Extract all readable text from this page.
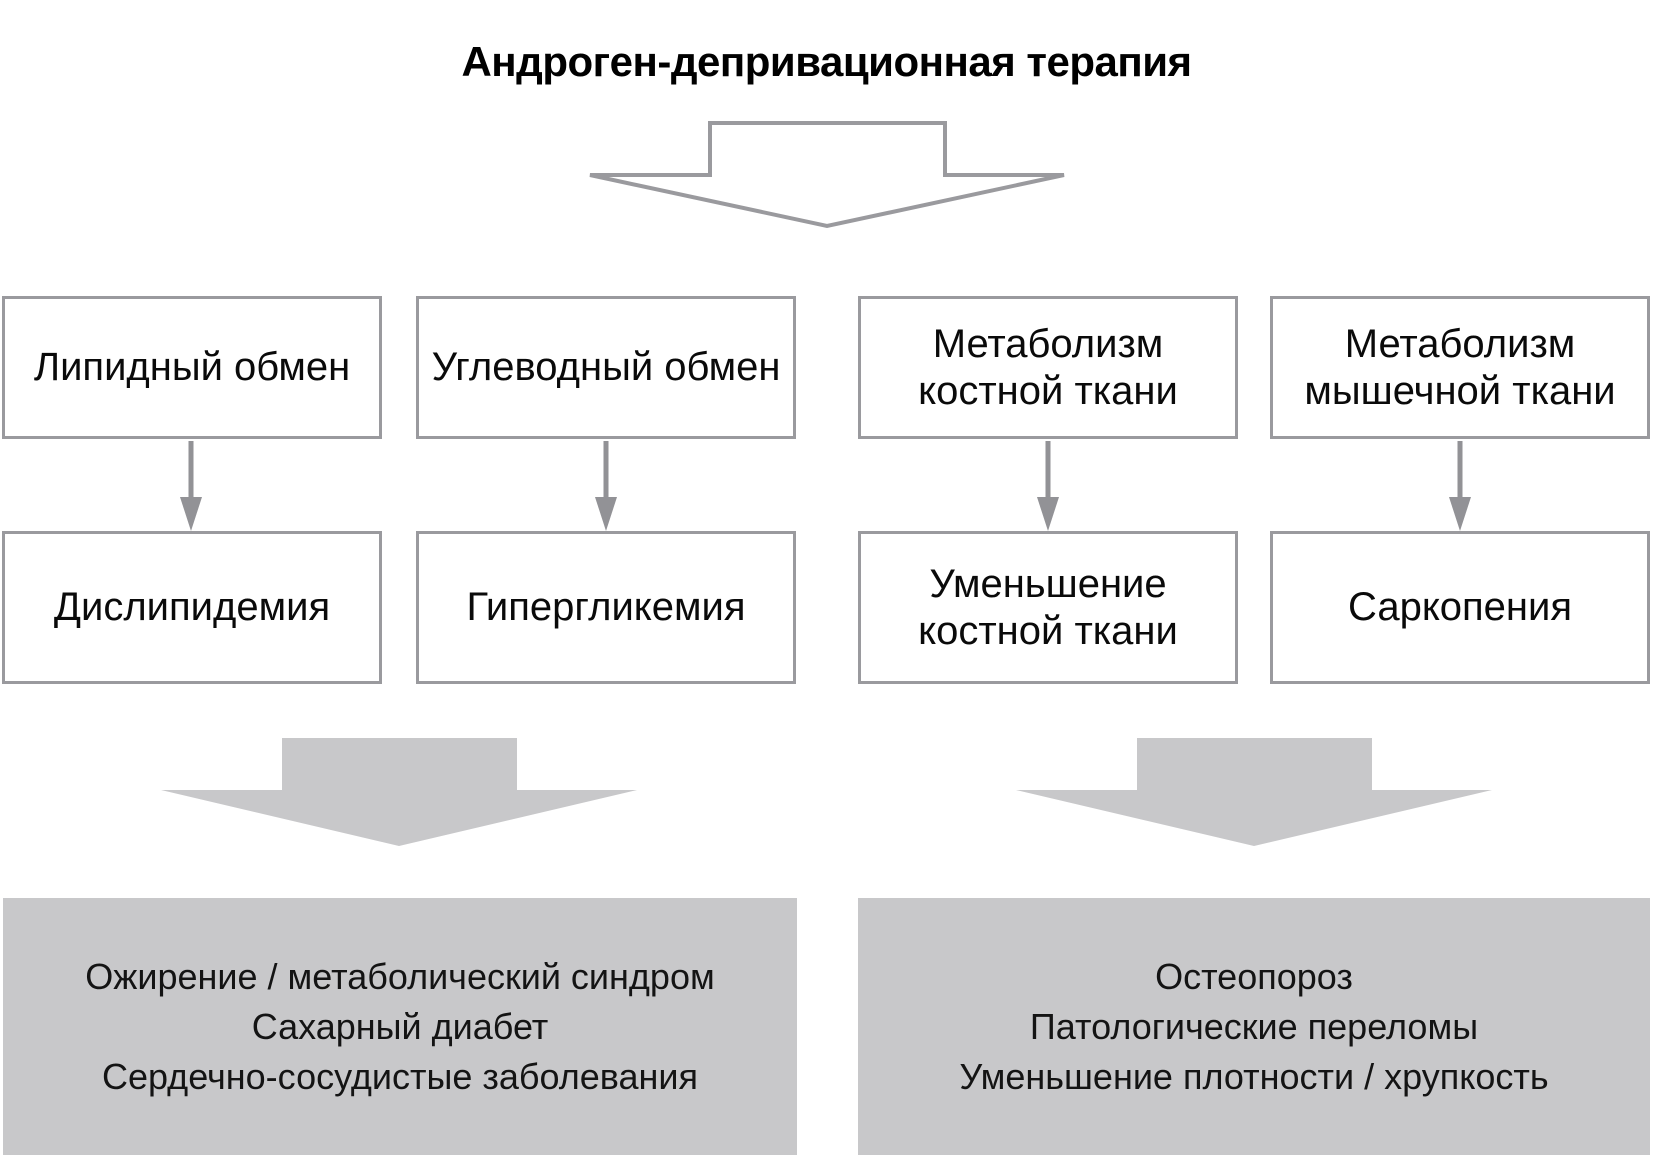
Андроген-депривационная терапия
Липидный обмен Углеводный обмен
Метаболизм костной ткани
Метаболизм мышечной ткани
Дислипидемия	Гипергликемия
Уменьшение костной ткани
Саркопения
Ожирение / метаболический синдром
Сахарный диабет
Сердечно-сосудистые заболевания
Остеопороз
Патологические переломы
Уменьшение плотности / хрупкость
